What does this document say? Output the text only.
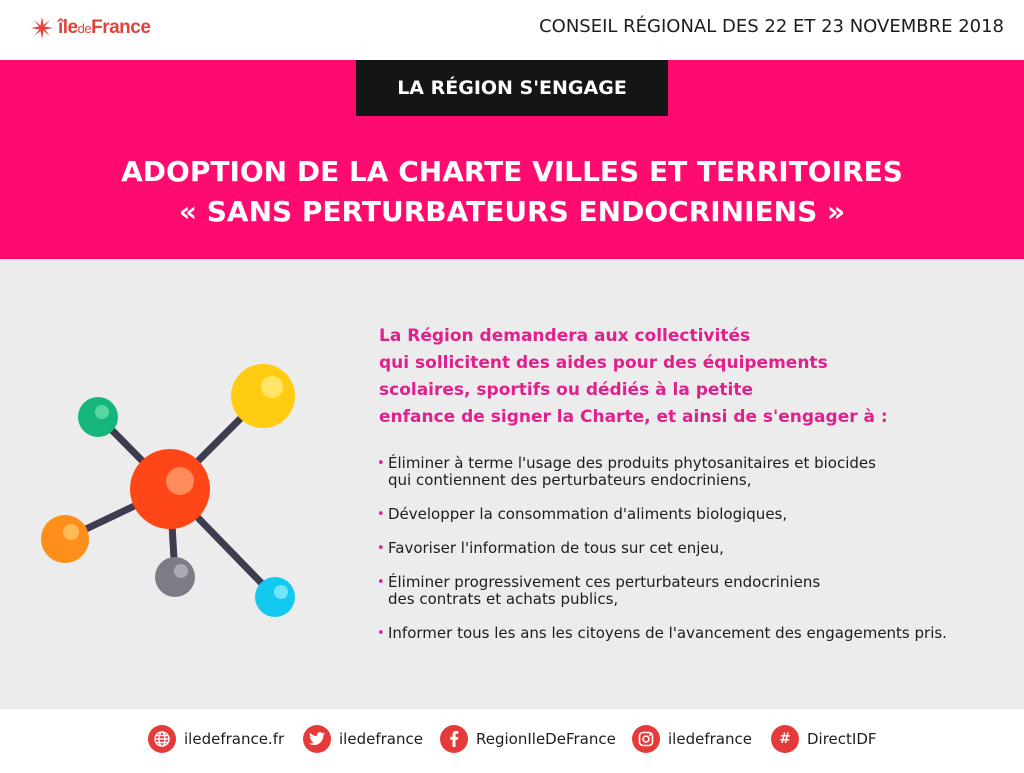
îledeFrance	CONSEIL RÉGIONAL DES 22 ET 23 NOVEMBRE 2018
LA RÉGION S'ENGAGE
ADOPTION DE LA CHARTE VILLES ET TERRITOIRES
« SANS PERTURBATEURS ENDOCRINIENS »
La Région demandera aux collectivités
qui sollicitent des aides pour des équipements
scolaires, sportifs ou dédiés à la petite
enfance de signer la Charte, et ainsi de s'engager à :
• Éliminer à terme l'usage des produits phytosanitaires et biocides
qui contiennent des perturbateurs endocriniens,
• Développer la consommation d'aliments biologiques,
• Favoriser l'information de tous sur cet enjeu,
• Éliminer progressivement ces perturbateurs endocriniens
des contrats et achats publics,
• Informer tous les ans les citoyens de l'avancement des engagements pris.
iledefrance.fr	iledefrance	RegionIleDeFrance	iledefrance # DirectIDF
